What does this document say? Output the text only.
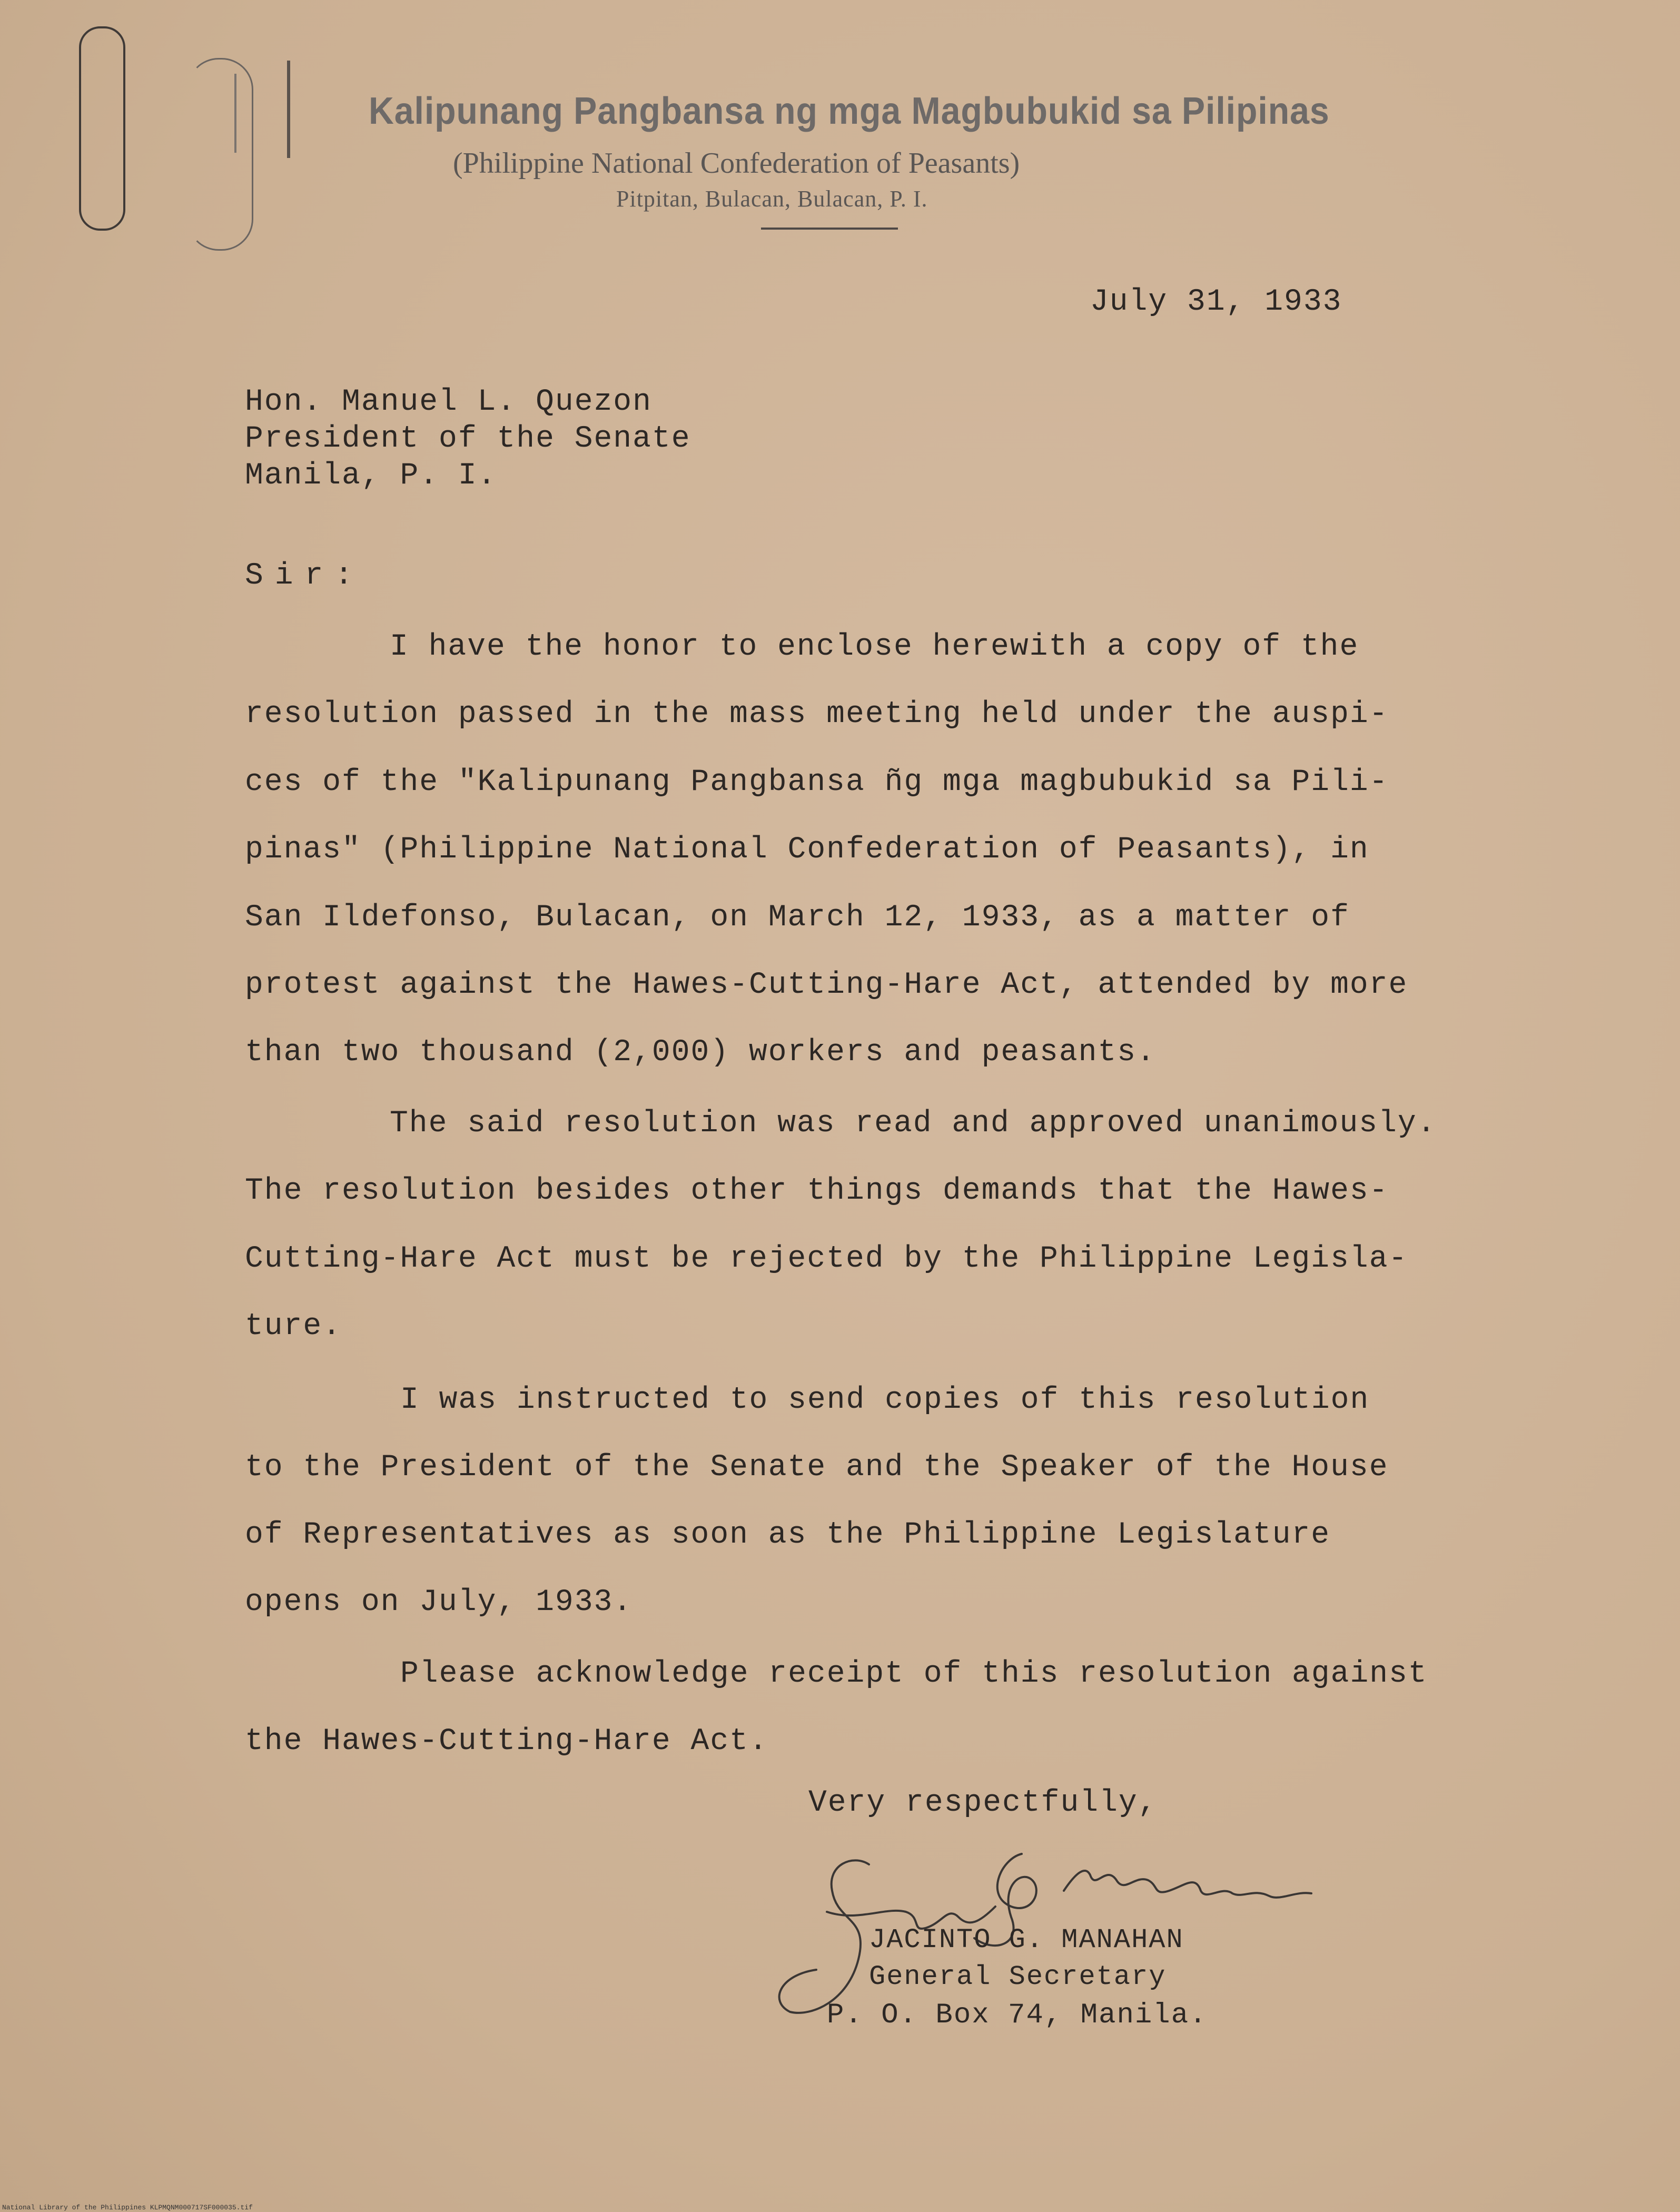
Kalipunang Pangbansa ng mga Magbubukid sa Pilipinas
(Philippine National Confederation of Peasants)
Pitpitan, Bulacan, Bulacan, P. I.
July 31, 1933
Hon. Manuel L. Quezon
President of the Senate
Manila, P. I.
Sir:
I have the honor to enclose herewith a copy of the
resolution passed in the mass meeting held under the auspi-
ces of the "Kalipunang Pangbansa ñg mga magbubukid sa Pili-
pinas" (Philippine National Confederation of Peasants), in
San Ildefonso, Bulacan, on March 12, 1933, as a matter of
protest against the Hawes-Cutting-Hare Act, attended by more
than two thousand (2,000) workers and peasants.
The said resolution was read and approved unanimously.
The resolution besides other things demands that the Hawes-
Cutting-Hare Act must be rejected by the Philippine Legisla-
ture.
I was instructed to send copies of this resolution
to the President of the Senate and the Speaker of the House
of Representatives as soon as the Philippine Legislature
opens on July, 1933.
Please acknowledge receipt of this resolution against
the Hawes-Cutting-Hare Act.
Very respectfully,
JACINTO G. MANAHAN
General Secretary
P. O. Box 74, Manila.
National Library of the Philippines KLPMQNM000717SF000035.tif
